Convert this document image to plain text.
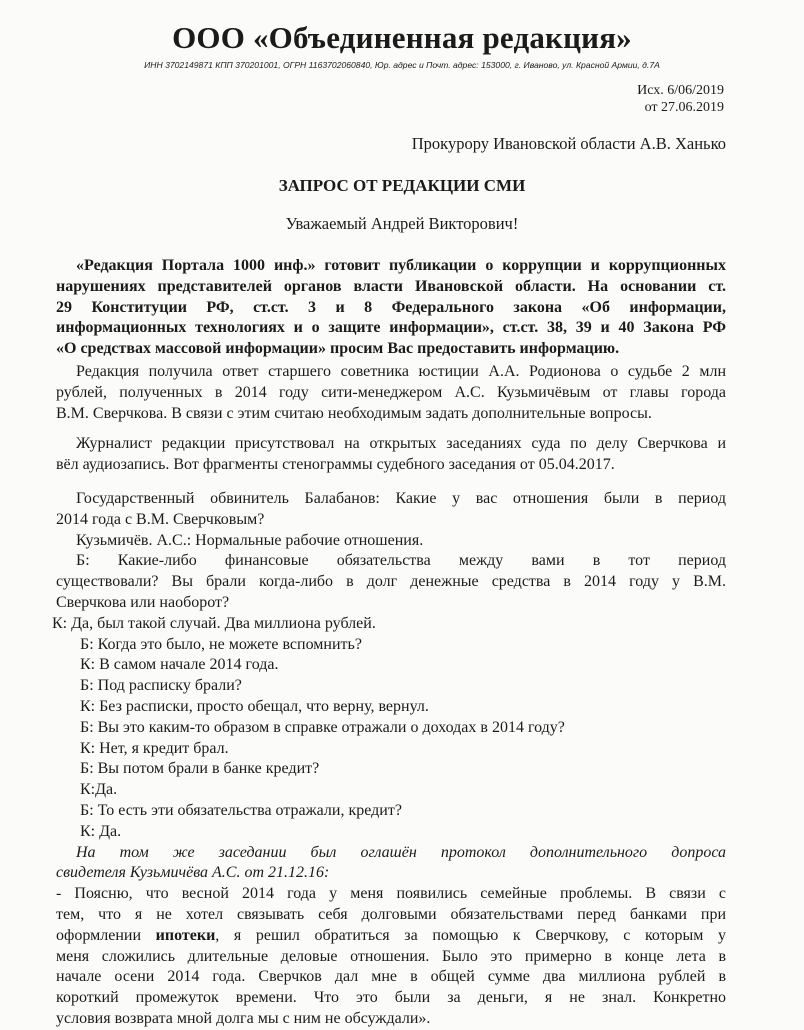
ООО «Объединенная редакция»
ИНН 3702149871 КПП 370201001, ОГРН 1163702060840, Юр. адрес и Почт. адрес: 153000, г. Иваново, ул. Красной Армии, д.7А
Исх. 6/06/2019
от 27.06.2019
Прокурору Ивановской области А.В. Ханько
ЗАПРОС ОТ РЕДАКЦИИ СМИ
Уважаемый Андрей Викторович!
«Редакция Портала 1000 инф.» готовит публикации о коррупции и коррупционных
нарушениях представителей органов власти Ивановской области. На основании ст.
29 Конституции РФ, ст.ст. 3 и 8 Федерального закона «Об информации,
информационных технологиях и о защите информации», ст.ст. 38, 39 и 40 Закона РФ
«О средствах массовой информации» просим Вас предоставить информацию.
Редакция получила ответ старшего советника юстиции А.А. Родионова о судьбе 2 млн
рублей, полученных в 2014 году сити-менеджером А.С. Кузьмичёвым от главы города
В.М. Сверчкова. В связи с этим считаю необходимым задать дополнительные вопросы.
Журналист редакции присутствовал на открытых заседаниях суда по делу Сверчкова и
вёл аудиозапись. Вот фрагменты стенограммы судебного заседания от 05.04.2017.
Государственный обвинитель Балабанов: Какие у вас отношения были в период
2014 года с В.М. Сверчковым?
Кузьмичёв. А.С.: Нормальные рабочие отношения.
Б: Какие-либо финансовые обязательства между вами в тот период
существовали? Вы брали когда-либо в долг денежные средства в 2014 году у В.М.
Сверчкова или наоборот?
К: Да, был такой случай. Два миллиона рублей.
Б: Когда это было, не можете вспомнить?
К: В самом начале 2014 года.
Б: Под расписку брали?
К: Без расписки, просто обещал, что верну, вернул.
Б: Вы это каким-то образом в справке отражали о доходах в 2014 году?
К: Нет, я кредит брал.
Б: Вы потом брали в банке кредит?
К:Да.
Б: То есть эти обязательства отражали, кредит?
К: Да.
На том же заседании был оглашён протокол дополнительного допроса
свидетеля Кузьмичёва А.С. от 21.12.16:
- Поясню, что весной 2014 года у меня появились семейные проблемы. В связи с
тем, что я не хотел связывать себя долговыми обязательствами перед банками при
оформлении ипотеки, я решил обратиться за помощью к Сверчкову, с которым у
меня сложились длительные деловые отношения. Было это примерно в конце лета в
начале осени 2014 года. Сверчков дал мне в общей сумме два миллиона рублей в
короткий промежуток времени. Что это были за деньги, я не знал. Конкретно
условия возврата мной долга мы с ним не обсуждали».
